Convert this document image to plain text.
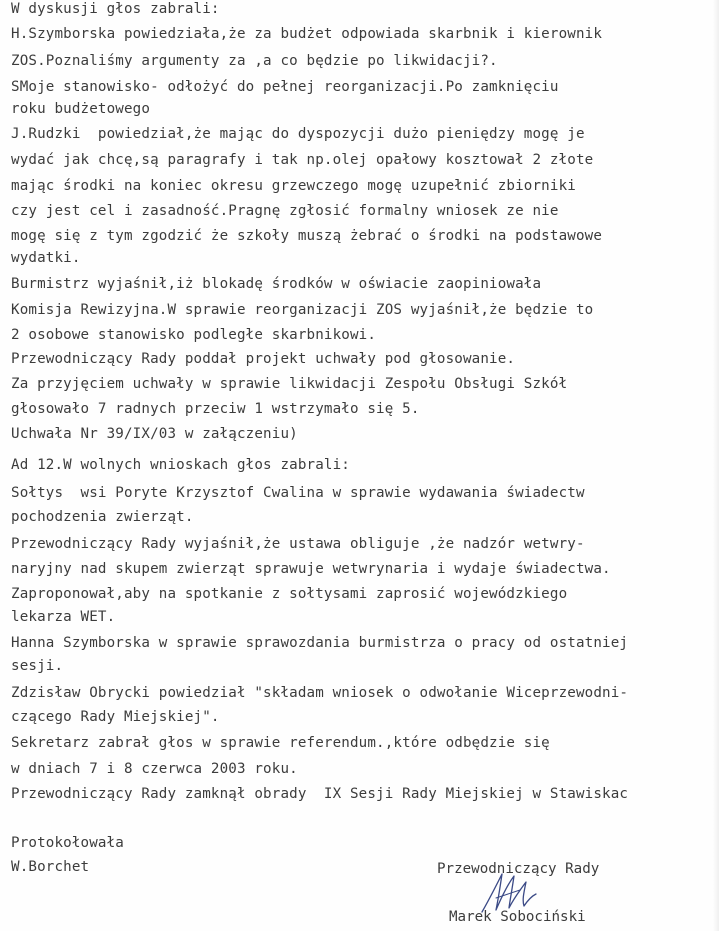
W dyskusji głos zabrali:
H.Szymborska powiedziała,że za budżet odpowiada skarbnik i kierownik
ZOS.Poznaliśmy argumenty za ,a co będzie po likwidacji?.
SMoje stanowisko- odłożyć do pełnej reorganizacji.Po zamknięciu
roku budżetowego
J.Rudzki  powiedział,że mając do dyspozycji dużo pieniędzy mogę je
wydać jak chcę,są paragrafy i tak np.olej opałowy kosztował 2 złote
mając środki na koniec okresu grzewczego mogę uzupełnić zbiorniki
czy jest cel i zasadność.Pragnę zgłosić formalny wniosek ze nie
mogę się z tym zgodzić że szkoły muszą żebrać o środki na podstawowe
wydatki.
Burmistrz wyjaśnił,iż blokadę środków w oświacie zaopiniowała
Komisja Rewizyjna.W sprawie reorganizacji ZOS wyjaśnił,że będzie to
2 osobowe stanowisko podległe skarbnikowi.
Przewodniczący Rady poddał projekt uchwały pod głosowanie.
Za przyjęciem uchwały w sprawie likwidacji Zespołu Obsługi Szkół
głosowało 7 radnych przeciw 1 wstrzymało się 5.
Uchwała Nr 39/IX/03 w załączeniu)
Ad 12.W wolnych wnioskach głos zabrali:
Sołtys  wsi Poryte Krzysztof Cwalina w sprawie wydawania świadectw
pochodzenia zwierząt.
Przewodniczący Rady wyjaśnił,że ustawa obliguje ,że nadzór wetwry-
naryjny nad skupem zwierząt sprawuje wetwrynaria i wydaje świadectwa.
Zaproponował,aby na spotkanie z sołtysami zaprosić wojewódzkiego
lekarza WET.
Hanna Szymborska w sprawie sprawozdania burmistrza o pracy od ostatniej
sesji.
Zdzisław Obrycki powiedział "składam wniosek o odwołanie Wiceprzewodni-
czącego Rady Miejskiej".
Sekretarz zabrał głos w sprawie referendum.,które odbędzie się
w dniach 7 i 8 czerwca 2003 roku.
Przewodniczący Rady zamknął obrady  IX Sesji Rady Miejskiej w Stawiskac
Protokołowała
W.Borchet	Przewodniczący Rady
Marek Sobociński
